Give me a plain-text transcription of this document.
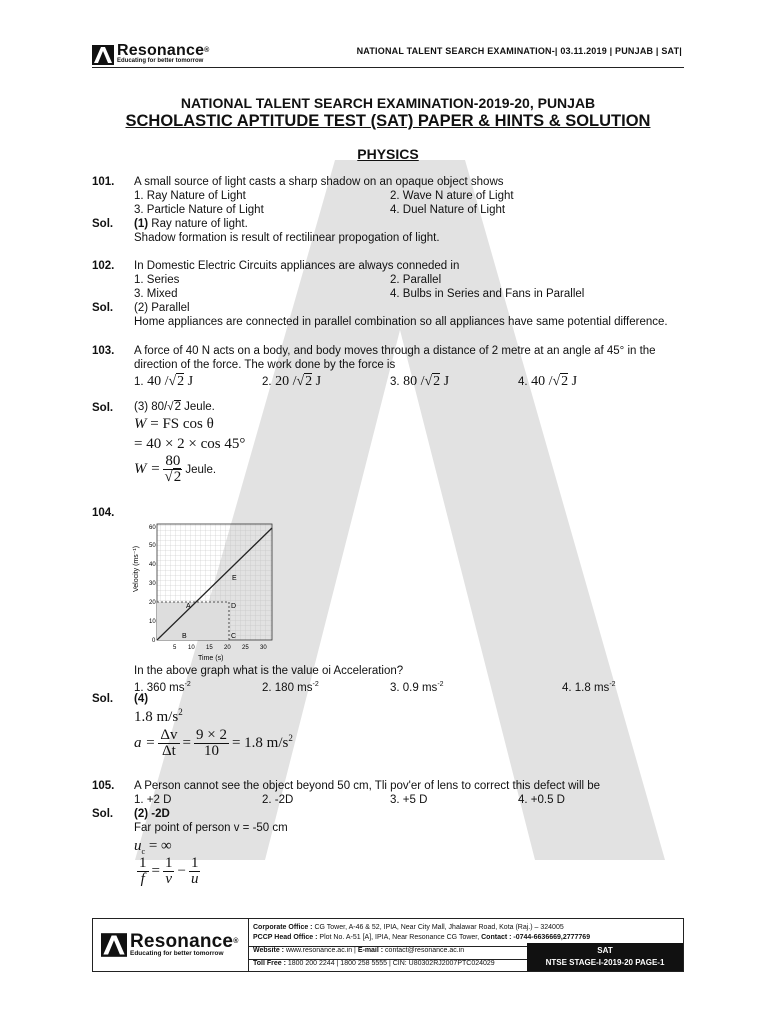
Resonance®
Educating for better tomorrow
NATIONAL TALENT SEARCH EXAMINATION-| 03.11.2019 | PUNJAB | SAT|
NATIONAL TALENT SEARCH EXAMINATION-2019-20, PUNJAB
SCHOLASTIC APTITUDE TEST (SAT) PAPER & HINTS & SOLUTION
PHYSICS
101. A small source of light casts a sharp shadow on an opaque object shows
1. Ray Nature of Light	2. Wave N ature of Light
3. Particle Nature of Light	4. Duel Nature of Light
Sol. (1) Ray nature of light.
Shadow formation is result of rectilinear propogation of light.
102. In Domestic Electric Circuits appliances are always conneded in
1. Series	2. Parallel
3. Mixed	4. Bulbs in Series and Fans in Parallel
Sol. (2) Parallel
Home appliances are connected in parallel combination so all appliances have same potential difference.
103. A force of 40 N acts on a body, and body moves through a distance of 2 metre at an angle af 45° in the
direction of the force. The work done by the force is
1. 40 /√2 J	2. 20 /√2 J	3. 80 /√2 J	4. 40 /√2 J
Sol. (3) 80/√2 Jeule.
W = FS cos θ
= 40 × 2 × cos 45°
$W = \frac{80}{√2}$ Jeule.
104.
Velocity (ms⁻¹)
Time (s)
60
50
40
30
20
10
0
5 10 15 20 25 30
A
B	C
D
E
In the above graph what is the value oi Acceleration?
1. 360 $ms^{-2}$	2. 180 $ms^{-2}$	3. 0.9 $ms^{-2}$	4. 1.8 $ms^{-2}$
Sol. (4)
1.8 $m/s^2$
$a = \frac{\Delta v}{\Delta t} = \frac{9 \times 2}{10} = 1.8$ $m/s^2$
105. A Person cannot see the object beyond 50 cm, Tli pov'er of lens to correct this defect will be
1. +2 D	2. -2D	3. +5 D	4. +0.5 D
Sol. (2) -2D
Far point of person v = -50 cm
$u_c$ = ∞
$\frac{1}{f} = \frac{1}{v} - \frac{1}{u}$
Resonance®
Educating for better tomorrow
Corporate Office : CG Tower, A-46 & 52, IPIA, Near City Mall, Jhalawar Road, Kota (Raj.) – 324005
PCCP Head Office : Plot No. A-51 [A], IPIA, Near Resonance CG Tower, Contact : -0744-6636669,2777769
Website : www.resonance.ac.in | E-mail : contact@resonance.ac.in
Toll Free : 1800 200 2244 | 1800 258 5555 | CIN: U80302RJ2007PTC024029
SAT
NTSE STAGE-I-2019-20 PAGE-1
